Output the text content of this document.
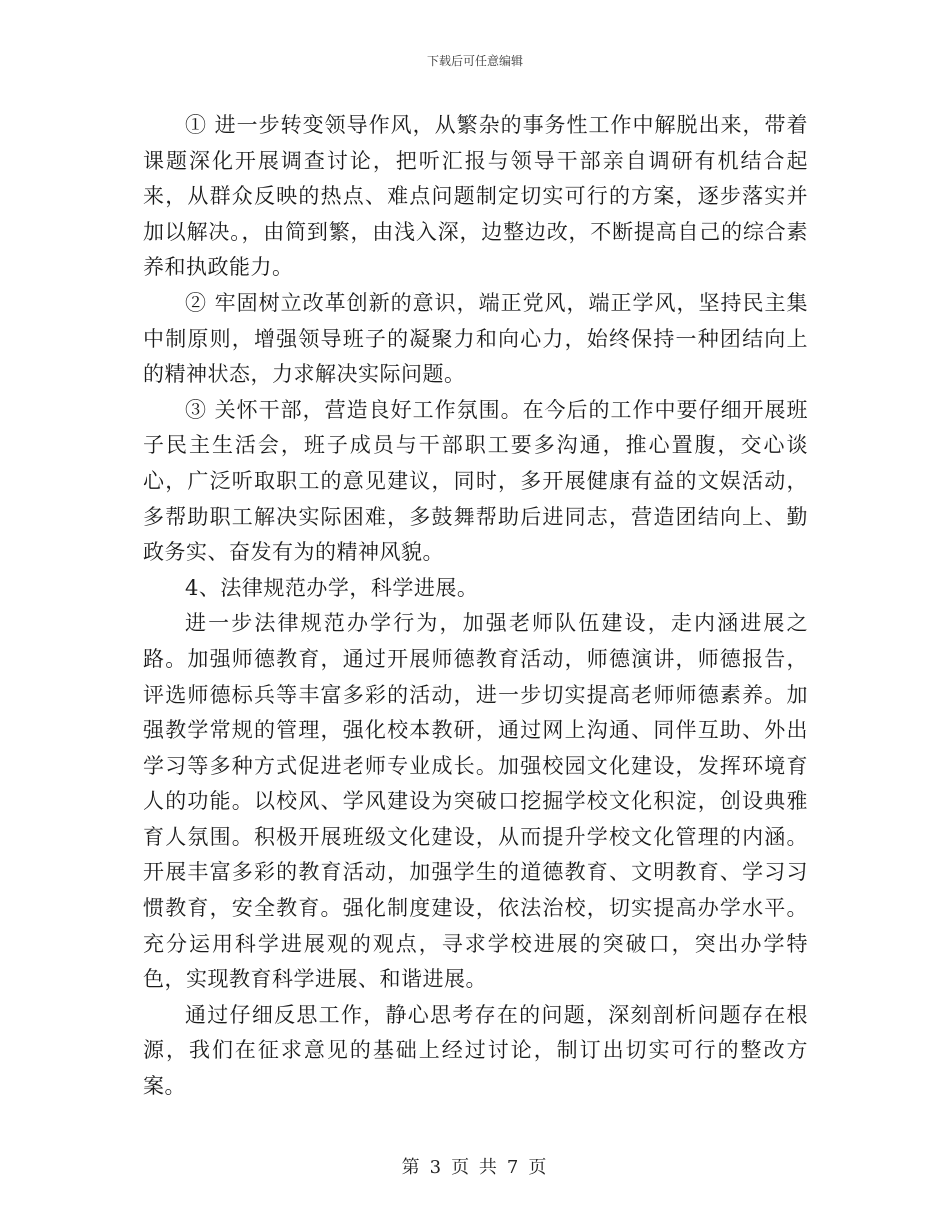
下载后可任意编辑

① 进一步转变领导作风，从繁杂的事务性工作中解脱出来，带着课题深化开展调查讨论，把听汇报与领导干部亲自调研有机结合起来，从群众反映的热点、难点问题制定切实可行的方案，逐步落实并加以解决。，由简到繁，由浅入深，边整边改，不断提高自己的综合素养和执政能力。

② 牢固树立改革创新的意识，端正党风，端正学风，坚持民主集中制原则，增强领导班子的凝聚力和向心力，始终保持一种团结向上的精神状态，力求解决实际问题。

③ 关怀干部，营造良好工作氛围。在今后的工作中要仔细开展班子民主生活会，班子成员与干部职工要多沟通，推心置腹，交心谈心，广泛听取职工的意见建议，同时，多开展健康有益的文娱活动，多帮助职工解决实际困难，多鼓舞帮助后进同志，营造团结向上、勤政务实、奋发有为的精神风貌。

4、法律规范办学，科学进展。

进一步法律规范办学行为，加强老师队伍建设，走内涵进展之路。加强师德教育，通过开展师德教育活动，师德演讲，师德报告，评选师德标兵等丰富多彩的活动，进一步切实提高老师师德素养。加强教学常规的管理，强化校本教研，通过网上沟通、同伴互助、外出学习等多种方式促进老师专业成长。加强校园文化建设，发挥环境育人的功能。以校风、学风建设为突破口挖掘学校文化积淀，创设典雅育人氛围。积极开展班级文化建设，从而提升学校文化管理的内涵。开展丰富多彩的教育活动，加强学生的道德教育、文明教育、学习习惯教育，安全教育。强化制度建设，依法治校，切实提高办学水平。充分运用科学进展观的观点，寻求学校进展的突破口，突出办学特色，实现教育科学进展、和谐进展。

通过仔细反思工作，静心思考存在的问题，深刻剖析问题存在根源，我们在征求意见的基础上经过讨论，制订出切实可行的整改方案。

第 3 页 共 7 页
